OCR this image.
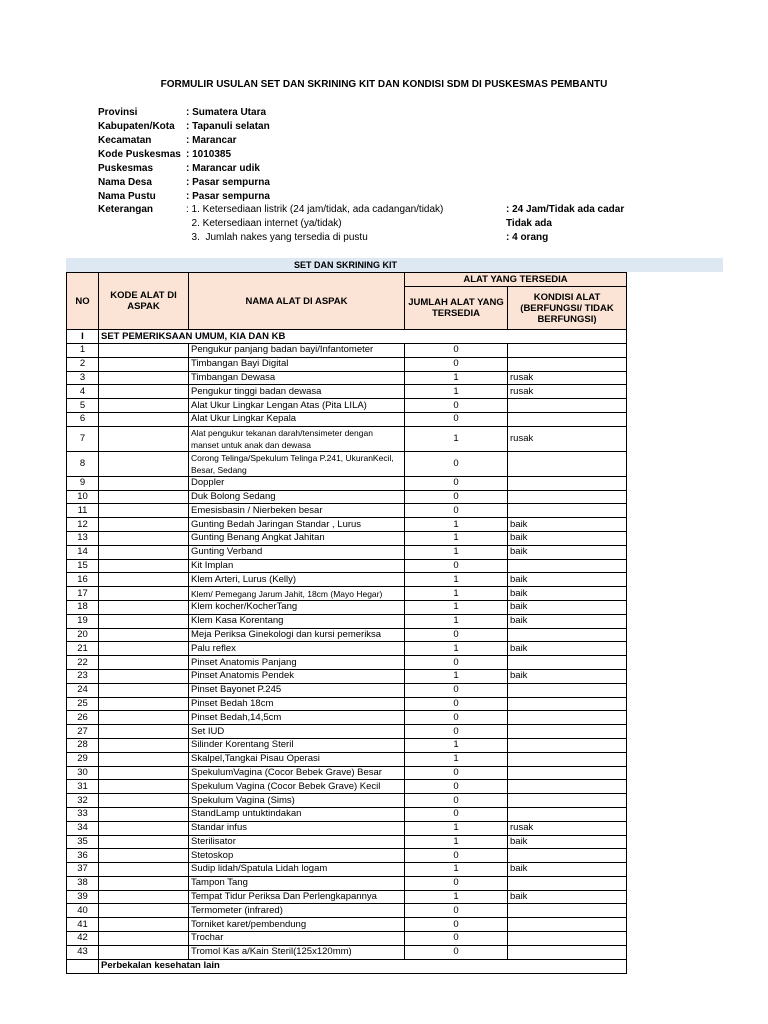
FORMULIR USULAN SET DAN SKRINING KIT DAN KONDISI SDM DI PUSKESMAS PEMBANTU
Provinsi	: Sumatera Utara
Kabupaten/Kota	: Tapanuli selatan
Kecamatan	: Marancar
Kode Puskesmas : 1010385
Puskesmas	: Marancar udik
Nama Desa	: Pasar sempurna
Nama Pustu	: Pasar sempurna
Keterangan	: 1. Ketersediaan listrik (24 jam/tidak, ada cadangan/tidak)	: 24 Jam/Tidak ada cadar
2. Ketersediaan internet (ya/tidak)	Tidak ada
3.  Jumlah nakes yang tersedia di pustu	: 4 orang
SET DAN SKRINING KIT
NO	KODE ALAT DI ASPAK	NAMA ALAT DI ASPAK	ALAT YANG TERSEDIA	
			JUMLAH ALAT YANG TERSEDIA	KONDISI ALAT (BERFUNGSI/ TIDAK BERFUNGSI)
I	SET PEMERIKSAAN UMUM, KIA DAN KB			
1		Pengukur panjang badan bayi/Infantometer	0	
2		Timbangan Bayi Digital	0	
3		Timbangan Dewasa	1	rusak
4		Pengukur tinggi badan dewasa	1	rusak
5		Alat Ukur Lingkar Lengan Atas (Pita LILA)	0	
6		Alat Ukur Lingkar Kepala	0	
7		Alat pengukur tekanan darah/tensimeter dengan manset untuk anak dan dewasa	1	rusak
8		Corong Telinga/Spekulum Telinga P.241, UkuranKecil, Besar, Sedang	0	
9		Doppler	0	
10		Duk Bolong Sedang	0	
11		Emesisbasin / Nierbeken besar	0	
12		Gunting Bedah Jaringan Standar , Lurus	1	baik
13		Gunting Benang Angkat Jahitan	1	baik
14		Gunting Verband	1	baik
15		Kit Implan	0	
16		Klem Arteri, Lurus (Kelly)	1	baik
17		Klem/ Pemegang Jarum Jahit, 18cm (Mayo Hegar)	1	baik
18		Klem kocher/KocherTang	1	baik
19		Klem Kasa Korentang	1	baik
20		Meja Periksa Ginekologi dan kursi pemeriksa	0	
21		Palu reflex	1	baik
22		Pinset Anatomis Panjang	0	
23		Pinset Anatomis Pendek	1	baik
24		Pinset Bayonet P.245	0	
25		Pinset Bedah 18cm	0	
26		Pinset Bedah,14,5cm	0	
27		Set IUD	0	
28		Silinder Korentang Steril	1	
29		Skalpel,Tangkai Pisau Operasi	1	
30		SpekulumVagina (Cocor Bebek Grave) Besar	0	
31		Spekulum Vagina (Cocor Bebek Grave) Kecil	0	
32		Spekulum Vagina (Sims)	0	
33		StandLamp untuktindakan	0	
34		Standar infus	1	rusak
35		Sterilisator	1	baik
36		Stetoskop	0	
37		Sudip lidah/Spatula Lidah logam	1	baik
38		Tampon Tang	0	
39		Tempat Tidur Periksa Dan Perlengkapannya	1	baik
40		Termometer (infrared)	0	
41		Torniket karet/pembendung	0	
42		Trochar	0	
43		Tromol Kas a/Kain Steril(125x120mm)	0	
	Perbekalan kesehatan lain			
